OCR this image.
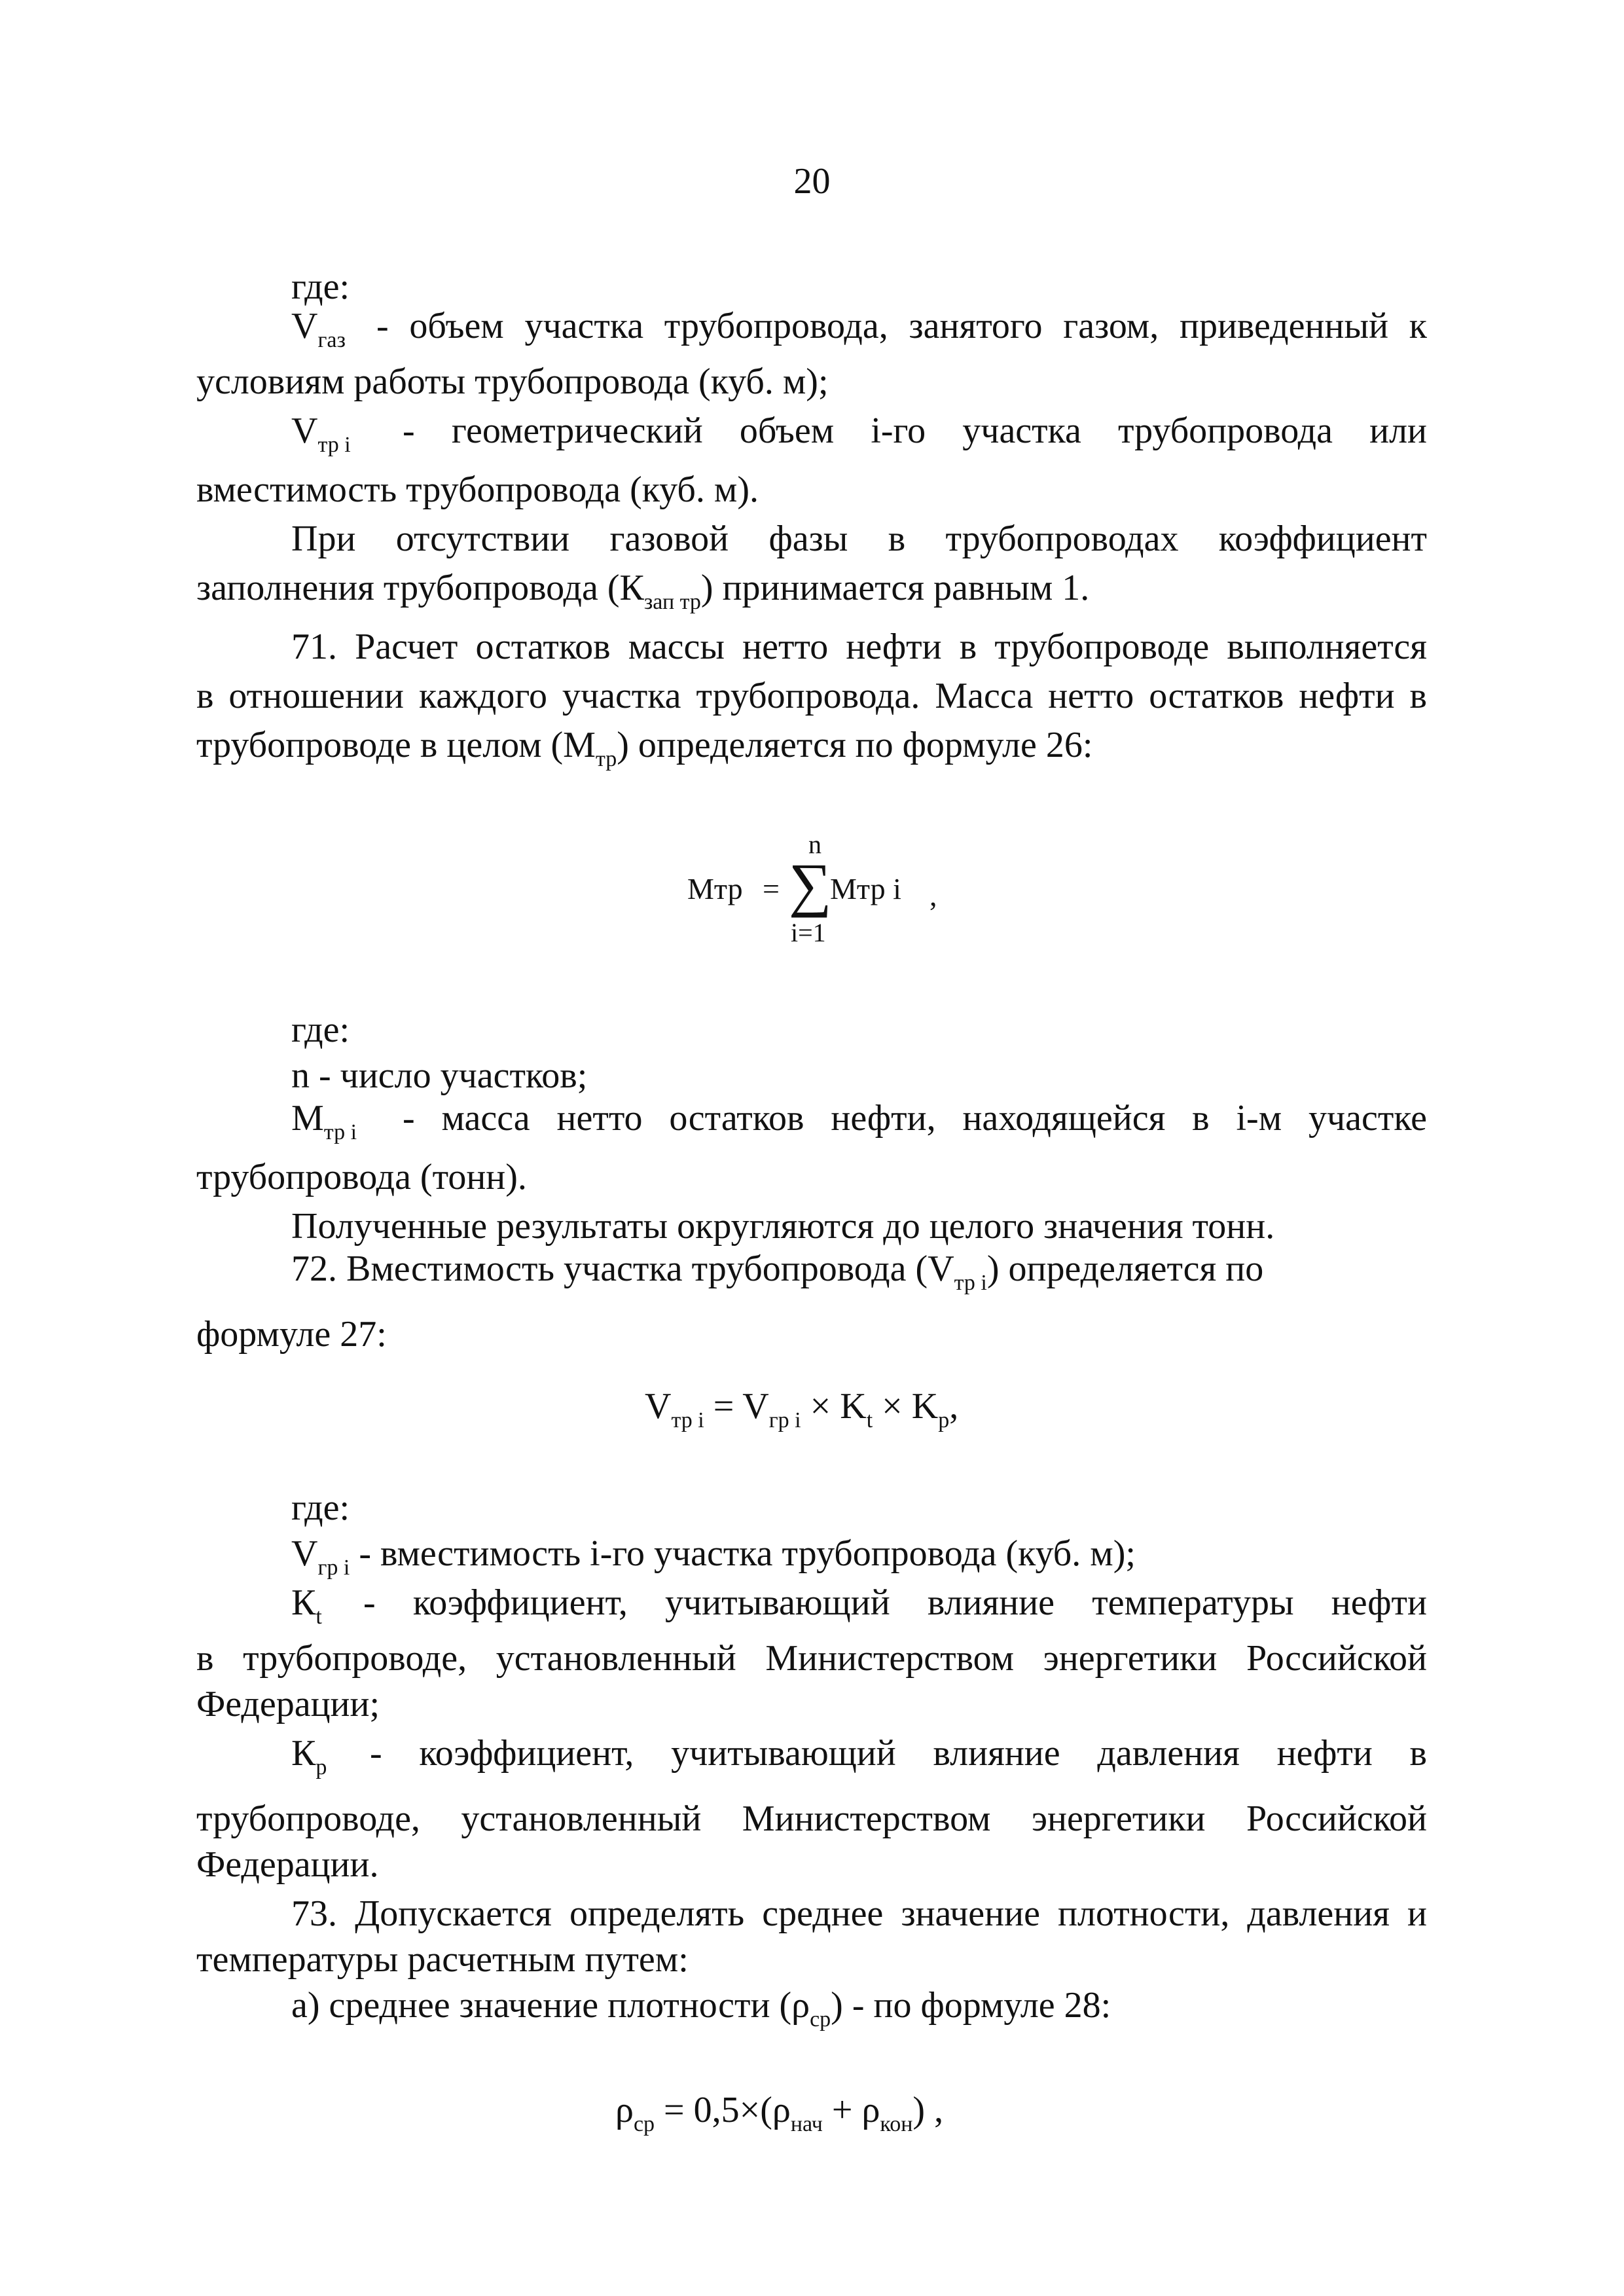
20
где:
$V_{газ}$ - объем участка трубопровода, занятого газом, приведенный к
условиям работы трубопровода (куб. м);
$V_{тр i}$ - геометрический объем i-го участка трубопровода или
вместимость трубопровода (куб. м).
При отсутствии газовой фазы в трубопроводах коэффициент
заполнения трубопровода $(К_{зап тр})$ принимается равным 1.
71. Расчет остатков массы нетто нефти в трубопроводе выполняется
в отношении каждого участка трубопровода. Масса нетто остатков нефти в
трубопроводе в целом $(М_{тр})$ определяется по формуле 26:
n
Мтр = ∑
Мтр i ,
i=1
где:
n - число участков;
$М_{тр i}$ - масса нетто остатков нефти, находящейся в i-м участке
трубопровода (тонн).
Полученные результаты округляются до целого значения тонн.
72. Вместимость участка трубопровода $(V_{тр i})$ определяется по
формуле 27:
$V_{тр i} = V_{гр i} \times K_t \times K_p$,
где:
$V_{гр i}$ - вместимость i-го участка трубопровода (куб. м);
$К_t$ - коэффициент, учитывающий влияние температуры нефти
в трубопроводе, установленный Министерством энергетики Российской
Федерации;
$К_р$ - коэффициент, учитывающий влияние давления нефти в
трубопроводе, установленный Министерством энергетики Российской
Федерации.
73. Допускается определять среднее значение плотности, давления и
температуры расчетным путем:
а) среднее значение плотности $(\rho_{ср})$ - по формуле 28:
$\rho_{ср} = 0,5\times(\rho_{нач} + \rho_{кон})$ ,
